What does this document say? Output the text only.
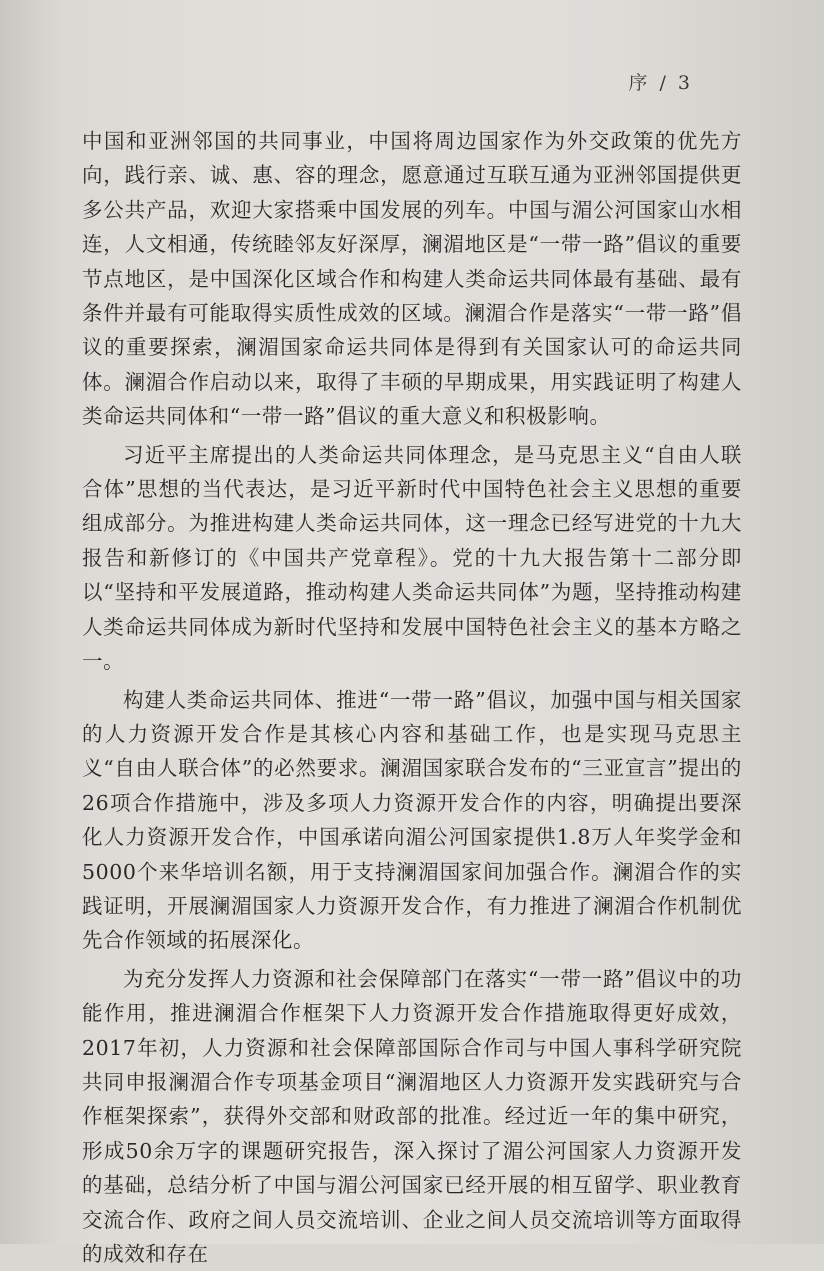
序 / 3

中国和亚洲邻国的共同事业，中国将周边国家作为外交政策的优先方向，践行亲、诚、惠、容的理念，愿意通过互联互通为亚洲邻国提供更多公共产品，欢迎大家搭乘中国发展的列车。中国与湄公河国家山水相连，人文相通，传统睦邻友好深厚，澜湄地区是“一带一路”倡议的重要节点地区，是中国深化区域合作和构建人类命运共同体最有基础、最有条件并最有可能取得实质性成效的区域。澜湄合作是落实“一带一路”倡议的重要探索，澜湄国家命运共同体是得到有关国家认可的命运共同体。澜湄合作启动以来，取得了丰硕的早期成果，用实践证明了构建人类命运共同体和“一带一路”倡议的重大意义和积极影响。

习近平主席提出的人类命运共同体理念，是马克思主义“自由人联合体”思想的当代表达，是习近平新时代中国特色社会主义思想的重要组成部分。为推进构建人类命运共同体，这一理念已经写进党的十九大报告和新修订的《中国共产党章程》。党的十九大报告第十二部分即以“坚持和平发展道路，推动构建人类命运共同体”为题，坚持推动构建人类命运共同体成为新时代坚持和发展中国特色社会主义的基本方略之一。

构建人类命运共同体、推进“一带一路”倡议，加强中国与相关国家的人力资源开发合作是其核心内容和基础工作，也是实现马克思主义“自由人联合体”的必然要求。澜湄国家联合发布的“三亚宣言”提出的26项合作措施中，涉及多项人力资源开发合作的内容，明确提出要深化人力资源开发合作，中国承诺向湄公河国家提供1.8万人年奖学金和5000个来华培训名额，用于支持澜湄国家间加强合作。澜湄合作的实践证明，开展澜湄国家人力资源开发合作，有力推进了澜湄合作机制优先合作领域的拓展深化。

为充分发挥人力资源和社会保障部门在落实“一带一路”倡议中的功能作用，推进澜湄合作框架下人力资源开发合作措施取得更好成效，2017年初，人力资源和社会保障部国际合作司与中国人事科学研究院共同申报澜湄合作专项基金项目“澜湄地区人力资源开发实践研究与合作框架探索”，获得外交部和财政部的批准。经过近一年的集中研究，形成50余万字的课题研究报告，深入探讨了湄公河国家人力资源开发的基础，总结分析了中国与湄公河国家已经开展的相互留学、职业教育交流合作、政府之间人员交流培训、企业之间人员交流培训等方面取得的成效和存在
